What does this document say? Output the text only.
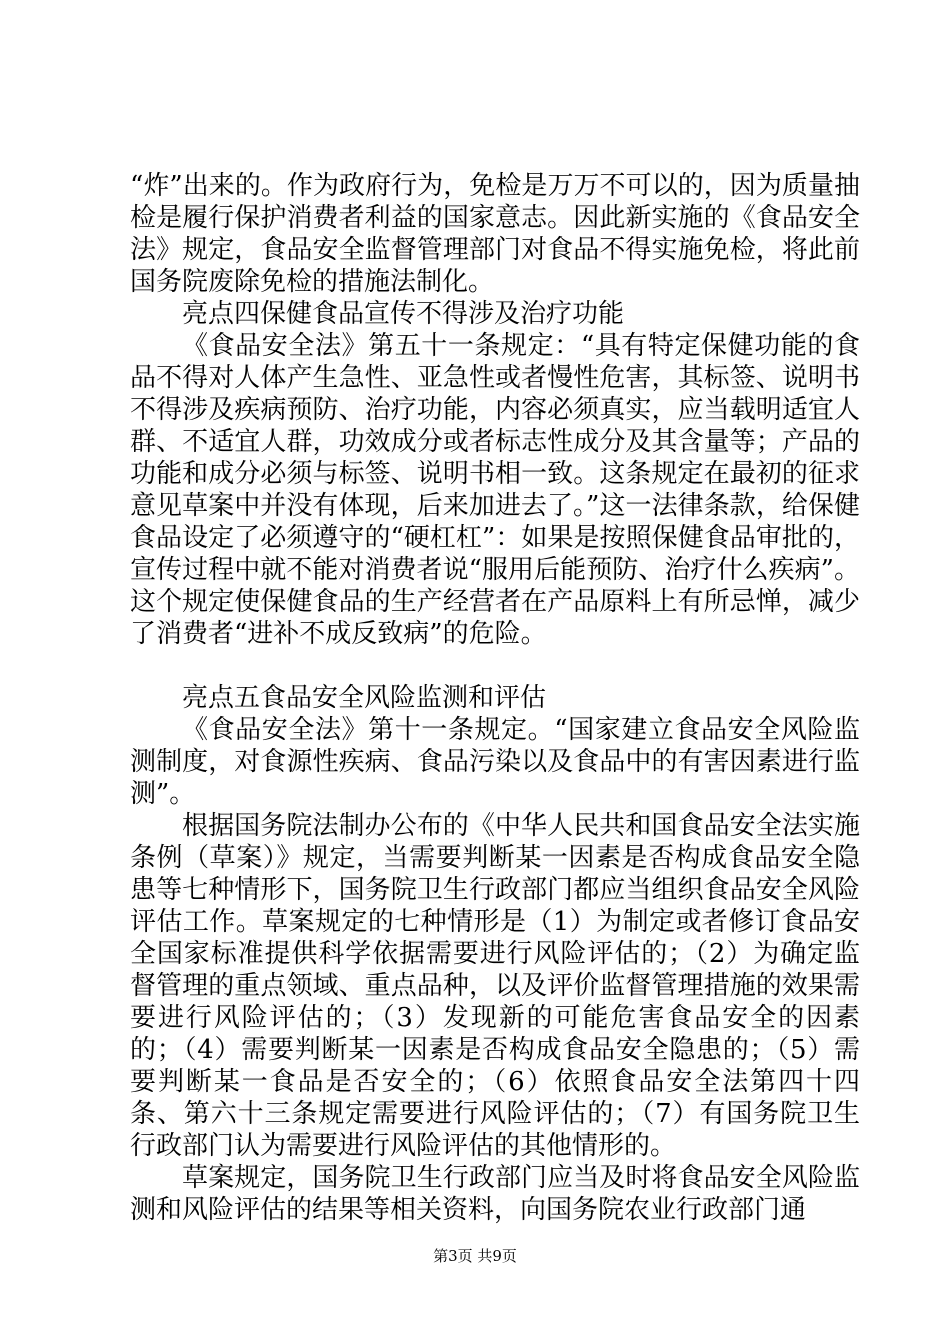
“炸”出来的。作为政府行为，免检是万万不可以的，因为质量抽检是履行保护消费者利益的国家意志。因此新实施的《食品安全法》规定，食品安全监督管理部门对食品不得实施免检，将此前国务院废除免检的措施法制化。

亮点四保健食品宣传不得涉及治疗功能

《食品安全法》第五十一条规定：“具有特定保健功能的食品不得对人体产生急性、亚急性或者慢性危害，其标签、说明书不得涉及疾病预防、治疗功能，内容必须真实，应当载明适宜人群、不适宜人群，功效成分或者标志性成分及其含量等；产品的功能和成分必须与标签、说明书相一致。这条规定在最初的征求意见草案中并没有体现，后来加进去了。”这一法律条款，给保健食品设定了必须遵守的“硬杠杠”：如果是按照保健食品审批的，宣传过程中就不能对消费者说“服用后能预防、治疗什么疾病”。这个规定使保健食品的生产经营者在产品原料上有所忌惮，减少了消费者“进补不成反致病”的危险。

亮点五食品安全风险监测和评估

《食品安全法》第十一条规定。“国家建立食品安全风险监测制度，对食源性疾病、食品污染以及食品中的有害因素进行监测”。

根据国务院法制办公布的《中华人民共和国食品安全法实施条例（草案）》规定，当需要判断某一因素是否构成食品安全隐患等七种情形下，国务院卫生行政部门都应当组织食品安全风险评估工作。草案规定的七种情形是（1）为制定或者修订食品安全国家标准提供科学依据需要进行风险评估的；（2）为确定监督管理的重点领域、重点品种，以及评价监督管理措施的效果需要进行风险评估的；（3）发现新的可能危害食品安全的因素的；（4）需要判断某一因素是否构成食品安全隐患的；（5）需要判断某一食品是否安全的；（6）依照食品安全法第四十四条、第六十三条规定需要进行风险评估的；（7）有国务院卫生行政部门认为需要进行风险评估的其他情形的。

草案规定，国务院卫生行政部门应当及时将食品安全风险监测和风险评估的结果等相关资料，向国务院农业行政部门通

第3页 共9页
